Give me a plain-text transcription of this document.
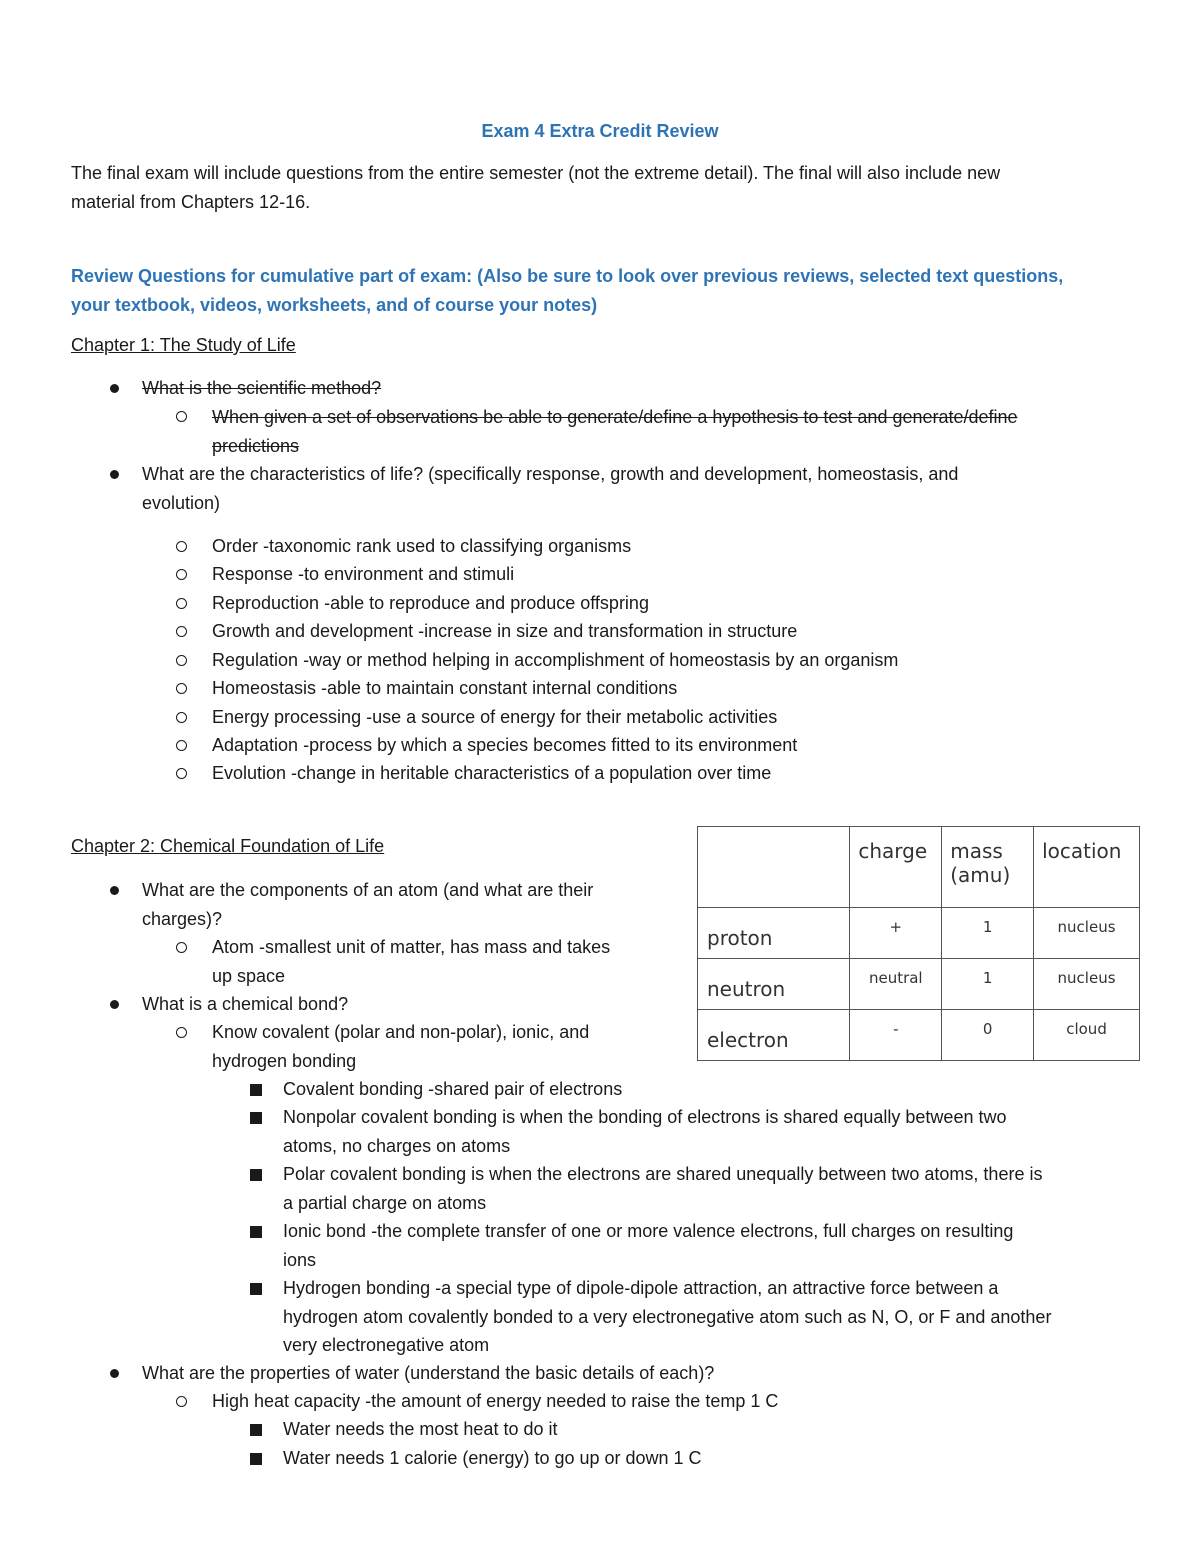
Exam 4 Extra Credit Review
The final exam will include questions from the entire semester (not the extreme detail). The final will also include new
material from Chapters 12-16.
Review Questions for cumulative part of exam: (Also be sure to look over previous reviews, selected text questions,
your textbook, videos, worksheets, and of course your notes)
Chapter 1: The Study of Life
What is the scientific method?
When given a set of observations be able to generate/define a hypothesis to test and generate/define
predictions
What are the characteristics of life? (specifically response, growth and development, homeostasis, and
evolution)
Order -taxonomic rank used to classifying organisms
Response -to environment and stimuli
Reproduction -able to reproduce and produce offspring
Growth and development -increase in size and transformation in structure
Regulation -way or method helping in accomplishment of homeostasis by an organism
Homeostasis -able to maintain constant internal conditions
Energy processing -use a source of energy for their metabolic activities
Adaptation -process by which a species becomes fitted to its environment
Evolution -change in heritable characteristics of a population over time
Chapter 2: Chemical Foundation of Life
What are the components of an atom (and what are their
charges)?
Atom -smallest unit of matter, has mass and takes
up space
What is a chemical bond?
Know covalent (polar and non-polar), ionic, and
hydrogen bonding
Covalent bonding -shared pair of electrons
Nonpolar covalent bonding is when the bonding of electrons is shared equally between two
atoms, no charges on atoms
Polar covalent bonding is when the electrons are shared unequally between two atoms, there is
a partial charge on atoms
Ionic bond -the complete transfer of one or more valence electrons, full charges on resulting
ions
Hydrogen bonding -a special type of dipole-dipole attraction, an attractive force between a
hydrogen atom covalently bonded to a very electronegative atom such as N, O, or F and another
very electronegative atom
What are the properties of water (understand the basic details of each)?
High heat capacity -the amount of energy needed to raise the temp 1 C
Water needs the most heat to do it
Water needs 1 calorie (energy) to go up or down 1 C
	charge	mass (amu)	location
proton	+	1	nucleus
neutron	neutral	1	nucleus
electron	-	0	cloud
